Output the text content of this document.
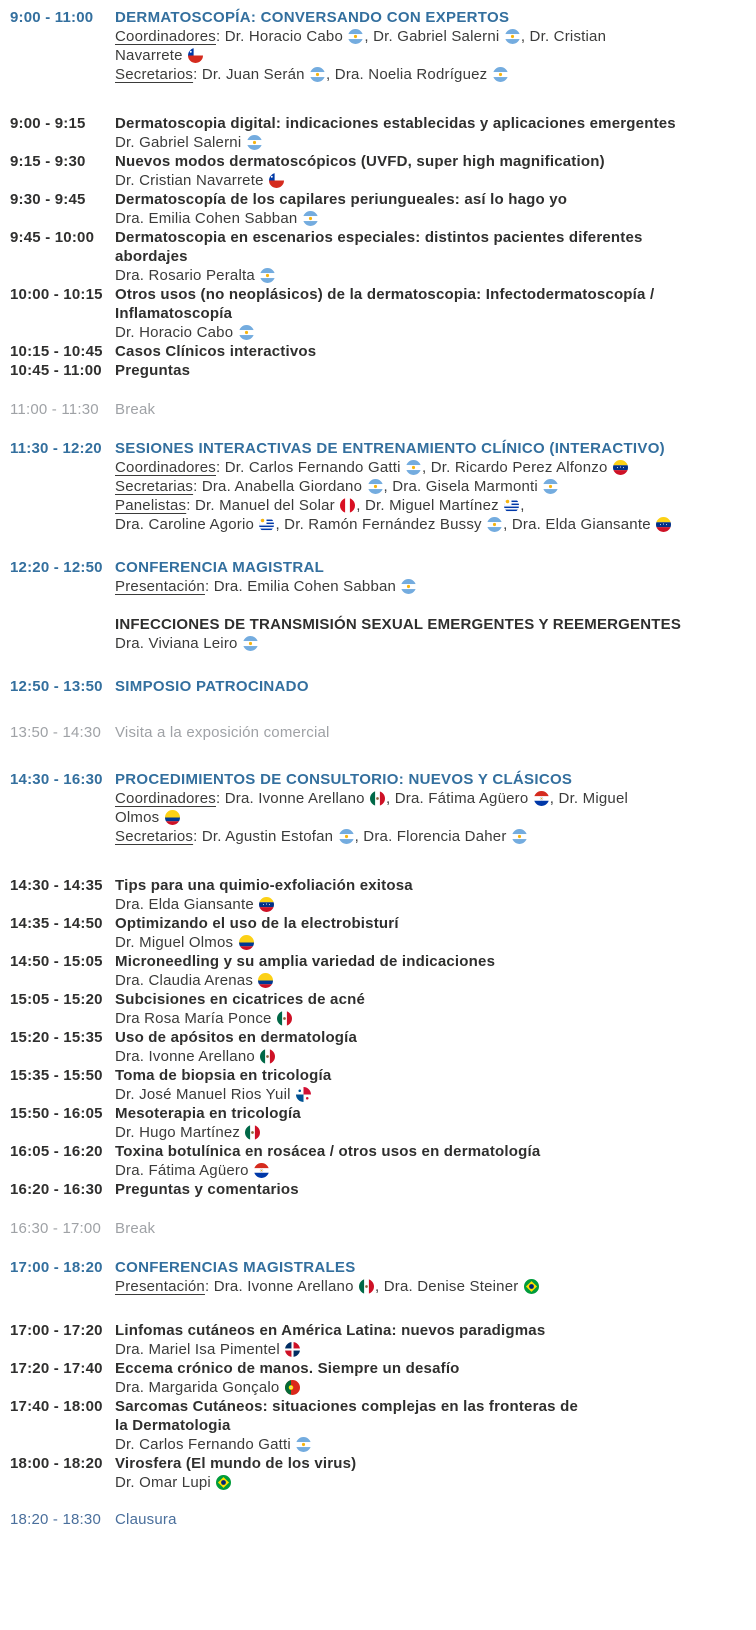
9:00 - 11:00	DERMATOSCOPÍA: CONVERSANDO CON EXPERTOS
Coordinadores: Dr. Horacio Cabo , Dr. Gabriel Salerni , Dr. Cristian
Navarrete
Secretarios: Dr. Juan Serán , Dra. Noelia Rodríguez
9:00 - 9:15	Dermatoscopia digital: indicaciones establecidas y aplicaciones emergentes
Dr. Gabriel Salerni
9:15 - 9:30	Nuevos modos dermatoscópicos (UVFD, super high magnification)
Dr. Cristian Navarrete
9:30 - 9:45	Dermatoscopía de los capilares periungueales: así lo hago yo
Dra. Emilia Cohen Sabban
9:45 - 10:00	Dermatoscopia en escenarios especiales: distintos pacientes diferentes
abordajes
Dra. Rosario Peralta
10:00 - 10:15 Otros usos (no neoplásicos) de la dermatoscopia: Infectodermatoscopía /
Inflamatoscopía
Dr. Horacio Cabo
10:15 - 10:45 Casos Clínicos interactivos
10:45 - 11:00 Preguntas
11:00 - 11:30	Break
11:30 - 12:20 SESIONES INTERACTIVAS DE ENTRENAMIENTO CLÍNICO (INTERACTIVO)
Coordinadores: Dr. Carlos Fernando Gatti , Dr. Ricardo Perez Alfonzo
Secretarias: Dra. Anabella Giordano , Dra. Gisela Marmonti
Panelistas: Dr. Manuel del Solar , Dr. Miguel Martínez ,
Dra. Caroline Agorio , Dr. Ramón Fernández Bussy , Dra. Elda Giansante
12:20 - 12:50 CONFERENCIA MAGISTRAL
Presentación: Dra. Emilia Cohen Sabban
INFECCIONES DE TRANSMISIÓN SEXUAL EMERGENTES Y REEMERGENTES
Dra. Viviana Leiro
12:50 - 13:50 SIMPOSIO PATROCINADO
13:50 - 14:30 Visita a la exposición comercial
14:30 - 16:30 PROCEDIMIENTOS DE CONSULTORIO: NUEVOS Y CLÁSICOS
Coordinadores: Dra. Ivonne Arellano , Dra. Fátima Agüero , Dr. Miguel
Olmos
Secretarios: Dr. Agustin Estofan , Dra. Florencia Daher
14:30 - 14:35 Tips para una quimio-exfoliación exitosa
Dra. Elda Giansante
14:35 - 14:50 Optimizando el uso de la electrobisturí
Dr. Miguel Olmos
14:50 - 15:05 Microneedling y su amplia variedad de indicaciones
Dra. Claudia Arenas
15:05 - 15:20 Subcisiones en cicatrices de acné
Dra Rosa María Ponce
15:20 - 15:35 Uso de apósitos en dermatología
Dra. Ivonne Arellano
15:35 - 15:50 Toma de biopsia en tricología
Dr. José Manuel Rios Yuil
15:50 - 16:05 Mesoterapia en tricología
Dr. Hugo Martínez
16:05 - 16:20 Toxina botulínica en rosácea / otros usos en dermatología
Dra. Fátima Agüero
16:20 - 16:30 Preguntas y comentarios
16:30 - 17:00 Break
17:00 - 18:20 CONFERENCIAS MAGISTRALES
Presentación: Dra. Ivonne Arellano , Dra. Denise Steiner
17:00 - 17:20 Linfomas cutáneos en América Latina: nuevos paradigmas
Dra. Mariel Isa Pimentel
17:20 - 17:40 Eccema crónico de manos. Siempre un desafío
Dra. Margarida Gonçalo
17:40 - 18:00 Sarcomas Cutáneos: situaciones complejas en las fronteras de
la Dermatologia
Dr. Carlos Fernando Gatti
18:00 - 18:20 Virosfera (El mundo de los virus)
Dr. Omar Lupi
18:20 - 18:30 Clausura
